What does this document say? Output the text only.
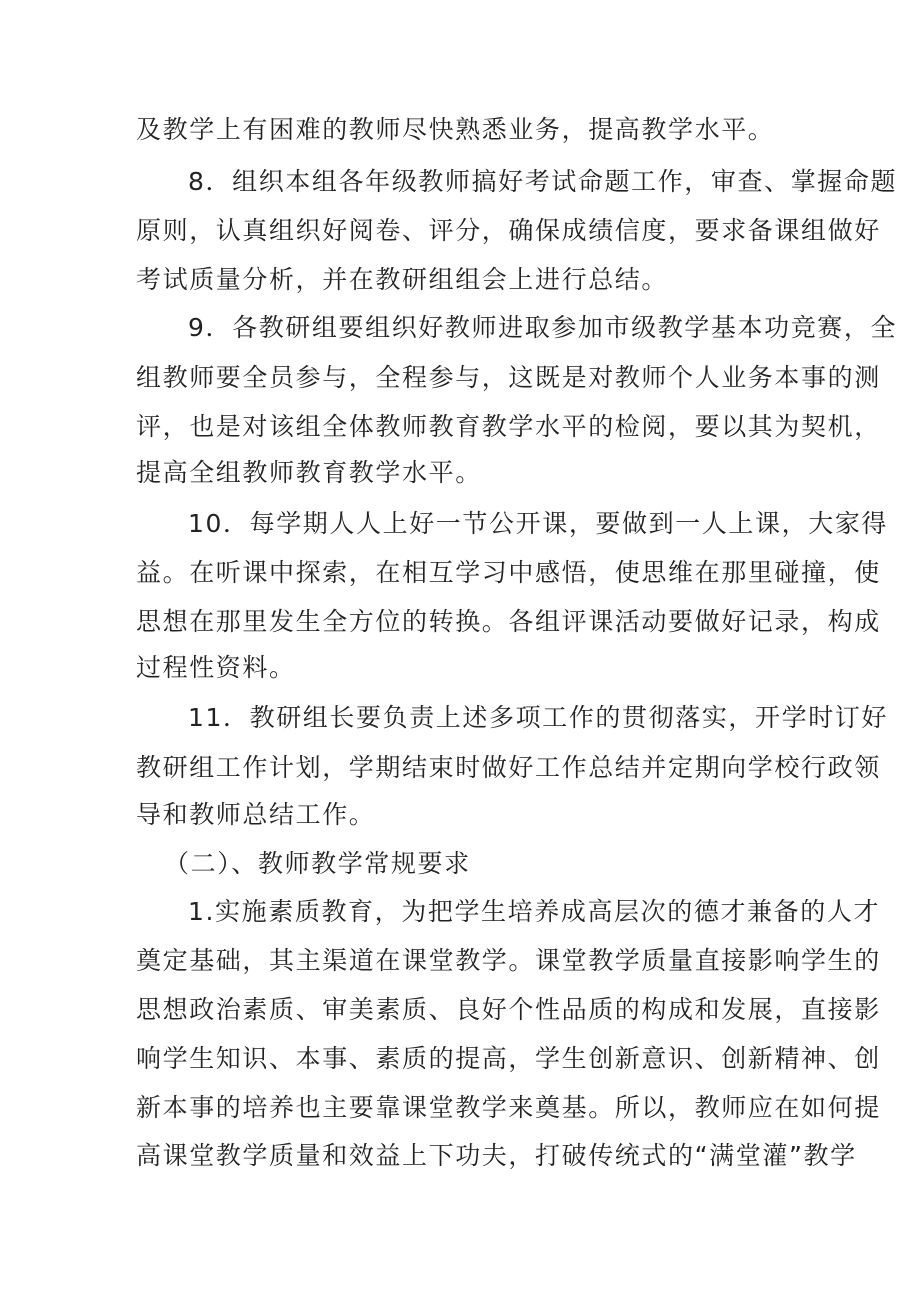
及教学上有困难的教师尽快熟悉业务，提高教学水平。
8．组织本组各年级教师搞好考试命题工作，审查、掌握命题
原则，认真组织好阅卷、评分，确保成绩信度，要求备课组做好
考试质量分析，并在教研组组会上进行总结。
9．各教研组要组织好教师进取参加市级教学基本功竞赛，全
组教师要全员参与，全程参与，这既是对教师个人业务本事的测
评，也是对该组全体教师教育教学水平的检阅，要以其为契机，
提高全组教师教育教学水平。
10．每学期人人上好一节公开课，要做到一人上课，大家得
益。在听课中探索，在相互学习中感悟，使思维在那里碰撞，使
思想在那里发生全方位的转换。各组评课活动要做好记录，构成
过程性资料。
11．教研组长要负责上述多项工作的贯彻落实，开学时订好
教研组工作计划，学期结束时做好工作总结并定期向学校行政领
导和教师总结工作。
（二）、教师教学常规要求
1.实施素质教育，为把学生培养成高层次的德才兼备的人才
奠定基础，其主渠道在课堂教学。课堂教学质量直接影响学生的
思想政治素质、审美素质、良好个性品质的构成和发展，直接影
响学生知识、本事、素质的提高，学生创新意识、创新精神、创
新本事的培养也主要靠课堂教学来奠基。所以，教师应在如何提
高课堂教学质量和效益上下功夫，打破传统式的“满堂灌”教学
